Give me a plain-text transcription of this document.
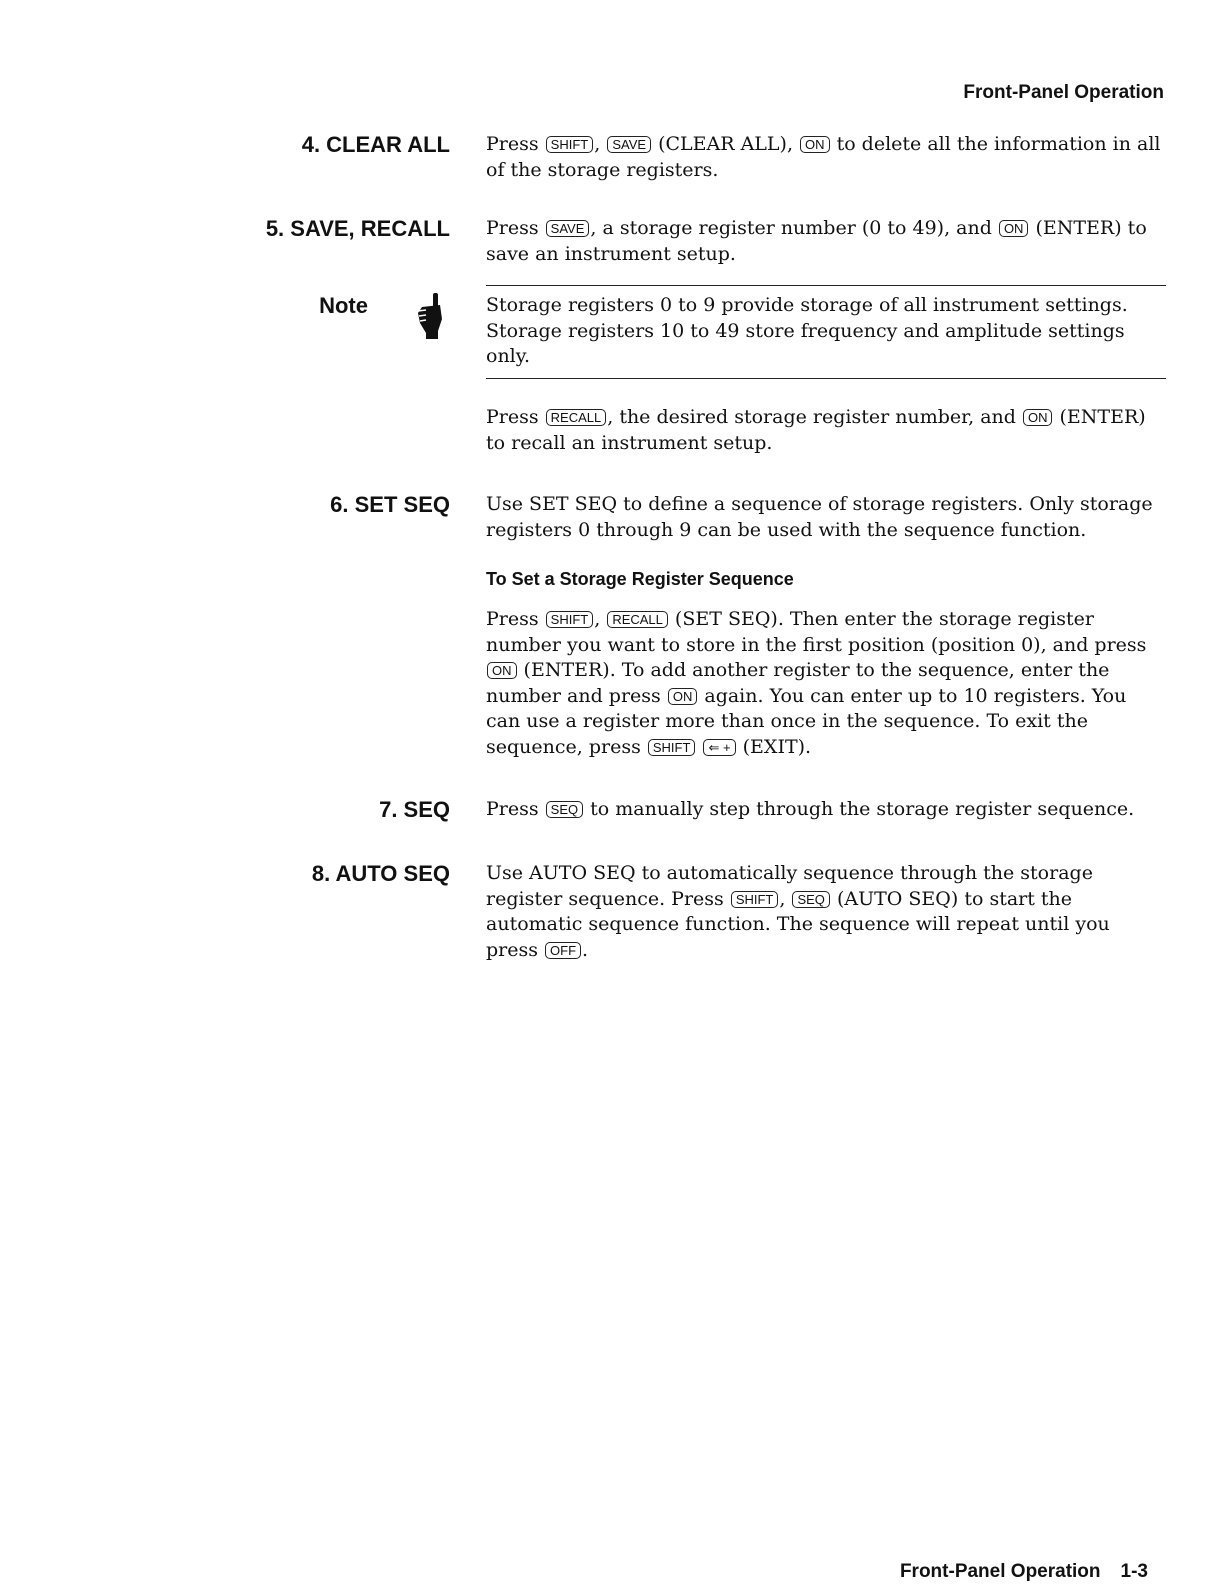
Front-Panel Operation
4. CLEAR ALL Press SHIFT , SAVE (CLEAR ALL), ON to delete all the information in all of the storage registers.
5. SAVE, RECALL Press SAVE , a storage register number (0 to 49), and ON (ENTER) to save an instrument setup.
Note	Storage registers 0 to 9 provide storage of all instrument settings. Storage registers 10 to 49 store frequency and amplitude settings only.
Press RECALL , the desired storage register number, and ON (ENTER) to recall an instrument setup.
6. SET SEQ Use SET SEQ to define a sequence of storage registers. Only storage registers 0 through 9 can be used with the sequence function.
To Set a Storage Register Sequence
Press SHIFT , RECALL (SET SEQ). Then enter the storage register number you want to store in the first position (position 0), and press ON (ENTER). To add another register to the sequence, enter the number and press ON again. You can enter up to 10 registers. You can use a register more than once in the sequence. To exit the sequence, press SHIFT ⇐ + (EXIT).
7. SEQ Press SEQ to manually step through the storage register sequence.
8. AUTO SEQ Use AUTO SEQ to automatically sequence through the storage register sequence. Press SHIFT , SEQ (AUTO SEQ) to start the automatic sequence function. The sequence will repeat until you press OFF .
Front-Panel Operation 1-3
